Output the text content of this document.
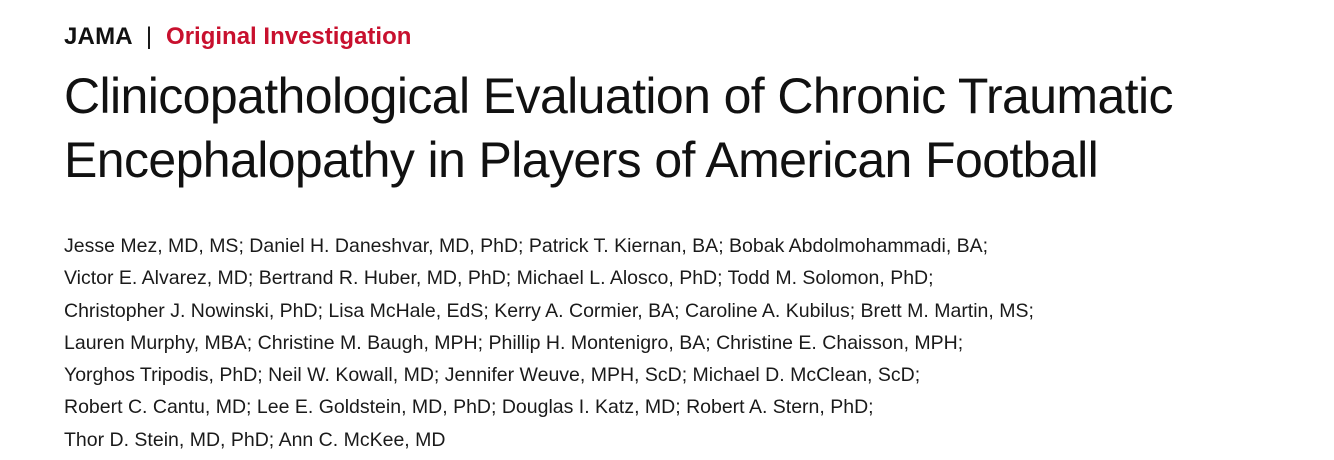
JAMA | Original Investigation
Clinicopathological Evaluation of Chronic Traumatic
Encephalopathy in Players of American Football
Jesse Mez, MD, MS; Daniel H. Daneshvar, MD, PhD; Patrick T. Kiernan, BA; Bobak Abdolmohammadi, BA;
Victor E. Alvarez, MD; Bertrand R. Huber, MD, PhD; Michael L. Alosco, PhD; Todd M. Solomon, PhD;
Christopher J. Nowinski, PhD; Lisa McHale, EdS; Kerry A. Cormier, BA; Caroline A. Kubilus; Brett M. Martin, MS;
Lauren Murphy, MBA; Christine M. Baugh, MPH; Phillip H. Montenigro, BA; Christine E. Chaisson, MPH;
Yorghos Tripodis, PhD; Neil W. Kowall, MD; Jennifer Weuve, MPH, ScD; Michael D. McClean, ScD;
Robert C. Cantu, MD; Lee E. Goldstein, MD, PhD; Douglas I. Katz, MD; Robert A. Stern, PhD;
Thor D. Stein, MD, PhD; Ann C. McKee, MD
